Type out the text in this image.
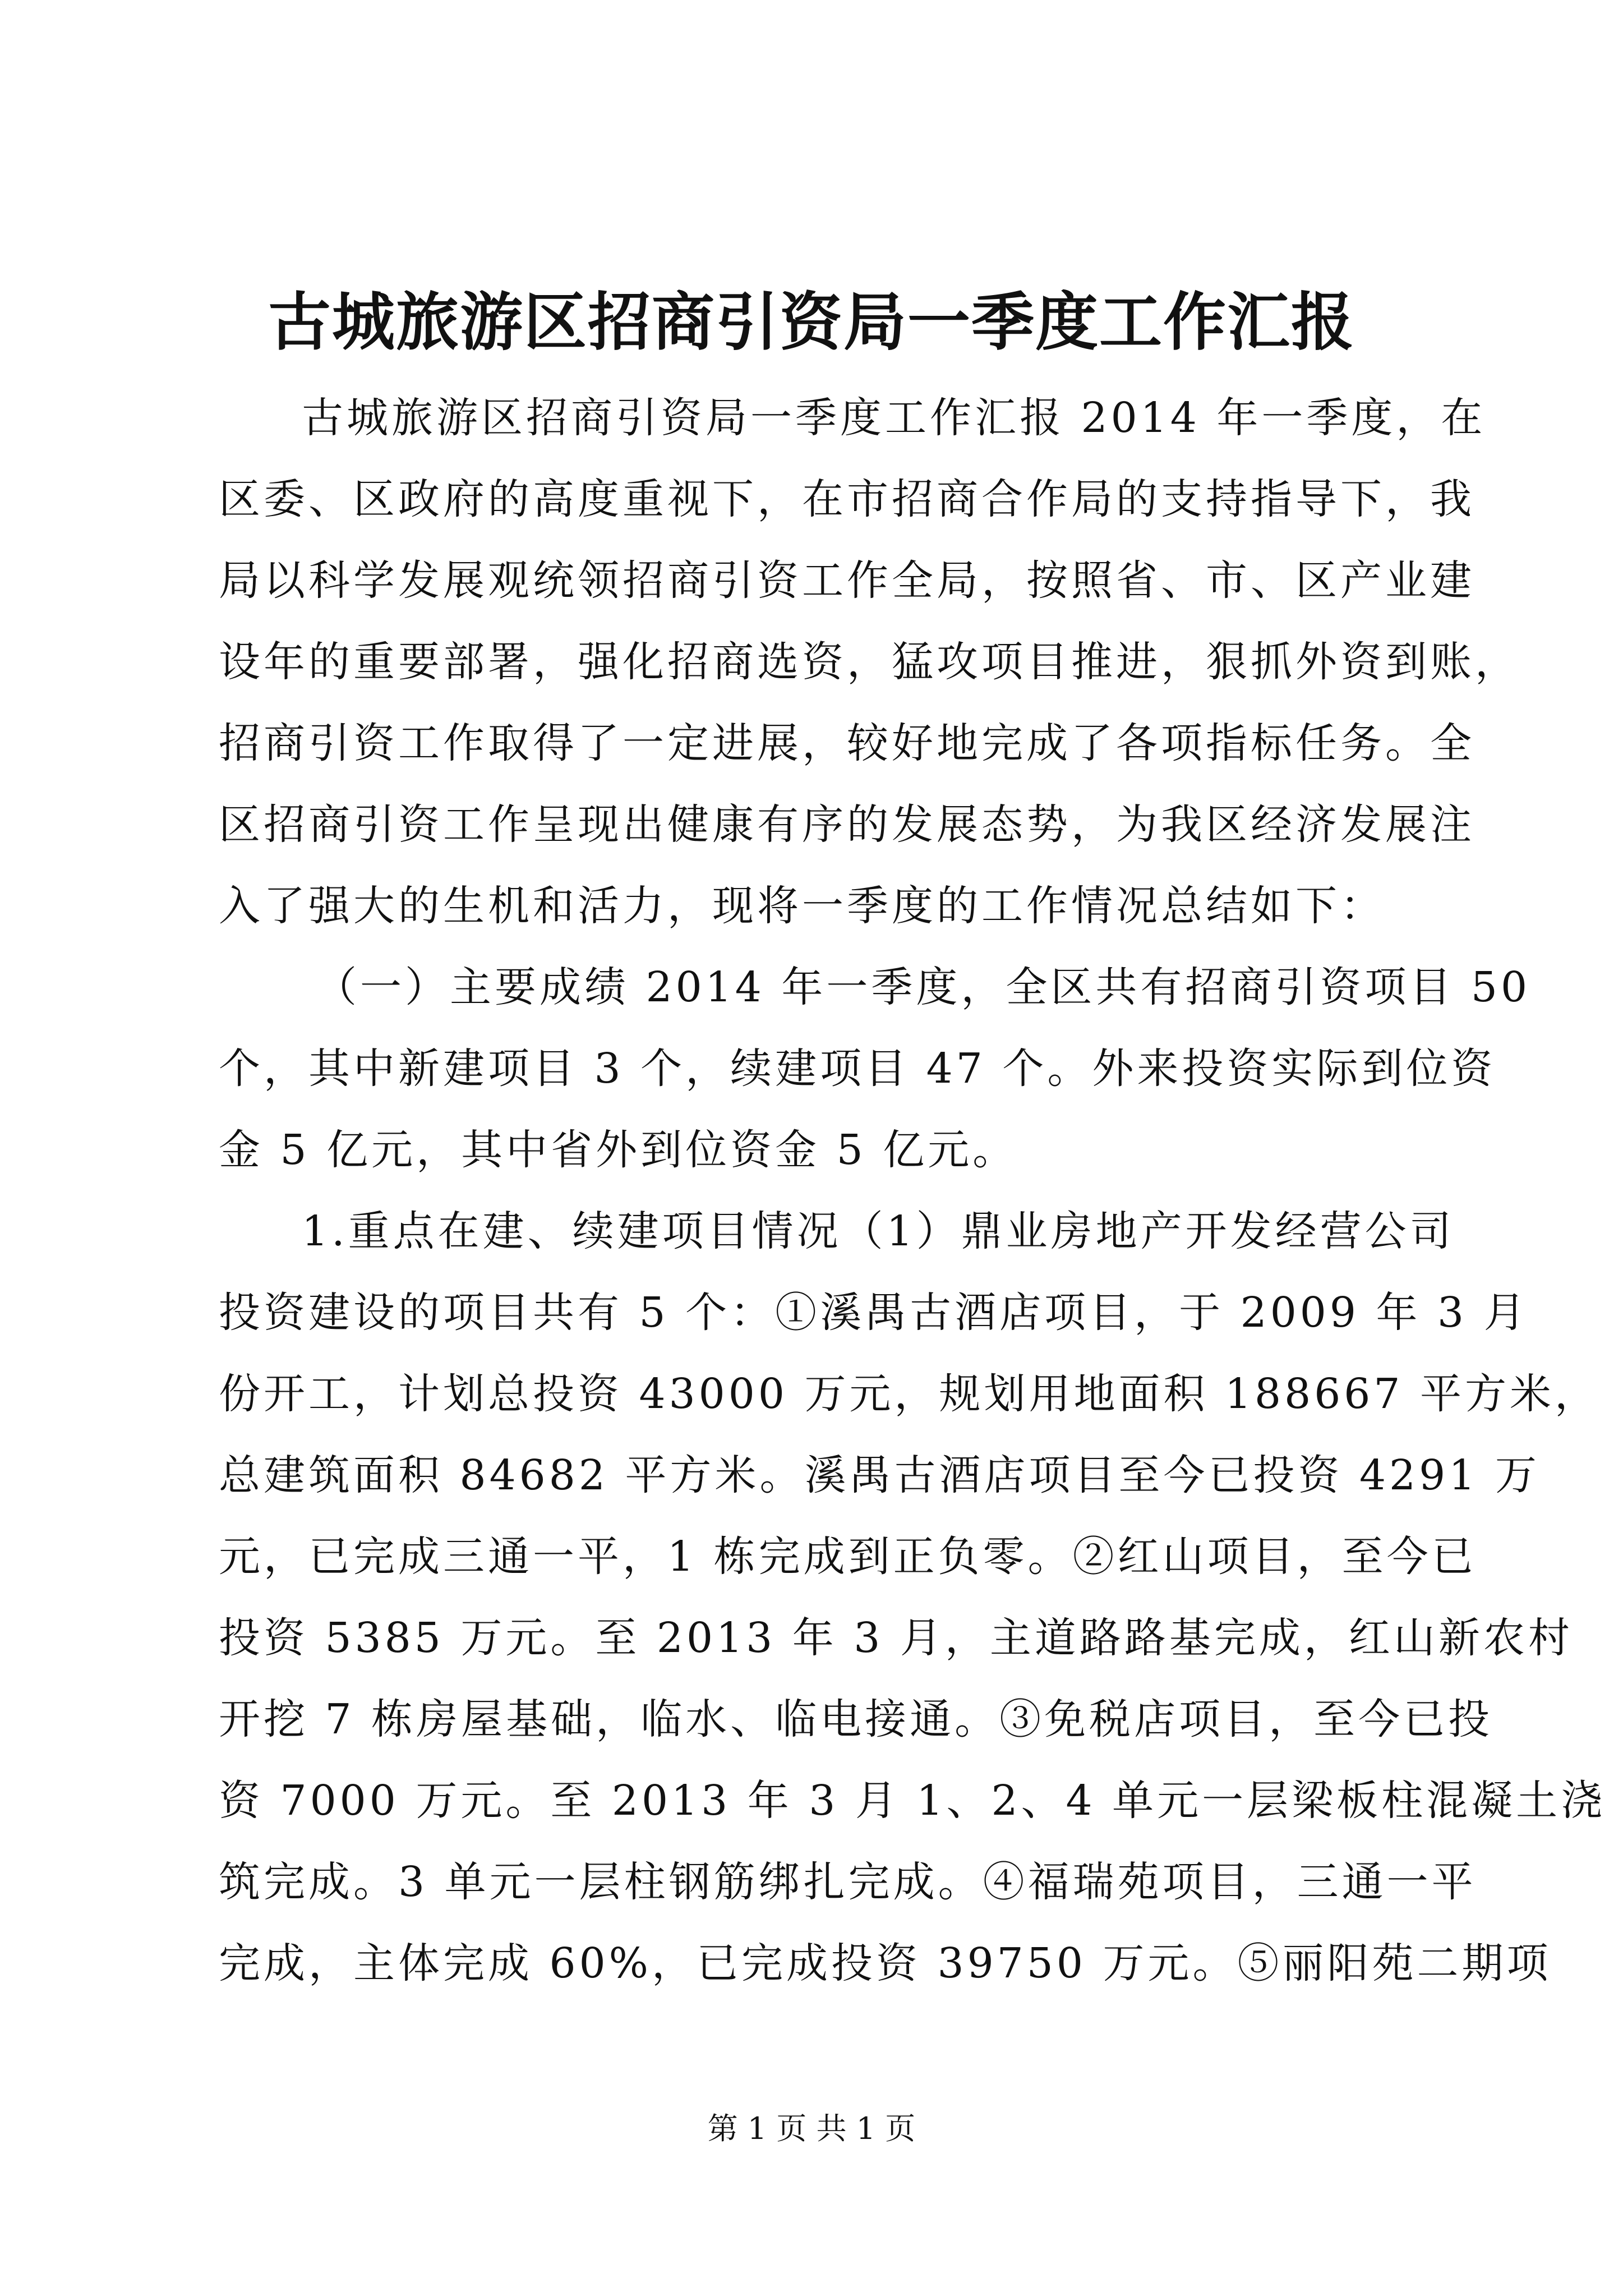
古城旅游区招商引资局一季度工作汇报

古城旅游区招商引资局一季度工作汇报 2014 年一季度，在

区委、区政府的高度重视下，在市招商合作局的支持指导下，我

局以科学发展观统领招商引资工作全局，按照省、市、区产业建

设年的重要部署，强化招商选资，猛攻项目推进，狠抓外资到账，

招商引资工作取得了一定进展，较好地完成了各项指标任务。全

区招商引资工作呈现出健康有序的发展态势，为我区经济发展注

入了强大的生机和活力，现将一季度的工作情况总结如下：

（一）主要成绩 2014 年一季度，全区共有招商引资项目 50

个，其中新建项目 3 个，续建项目 47 个。外来投资实际到位资

金 5 亿元，其中省外到位资金 5 亿元。

1.重点在建、续建项目情况（1）鼎业房地产开发经营公司

投资建设的项目共有 5 个：①溪禺古酒店项目，于 2009 年 3 月

份开工，计划总投资 43000 万元，规划用地面积 188667 平方米，

总建筑面积 84682 平方米。溪禺古酒店项目至今已投资 4291 万

元，已完成三通一平，1 栋完成到正负零。②红山项目，至今已

投资 5385 万元。至 2013 年 3 月，主道路路基完成，红山新农村

开挖 7 栋房屋基础，临水、临电接通。③免税店项目，至今已投

资 7000 万元。至 2013 年 3 月 1、2、4 单元一层梁板柱混凝土浇

筑完成。3 单元一层柱钢筋绑扎完成。④福瑞苑项目，三通一平

完成，主体完成 60%，已完成投资 39750 万元。⑤丽阳苑二期项

第 1 页 共 1 页
